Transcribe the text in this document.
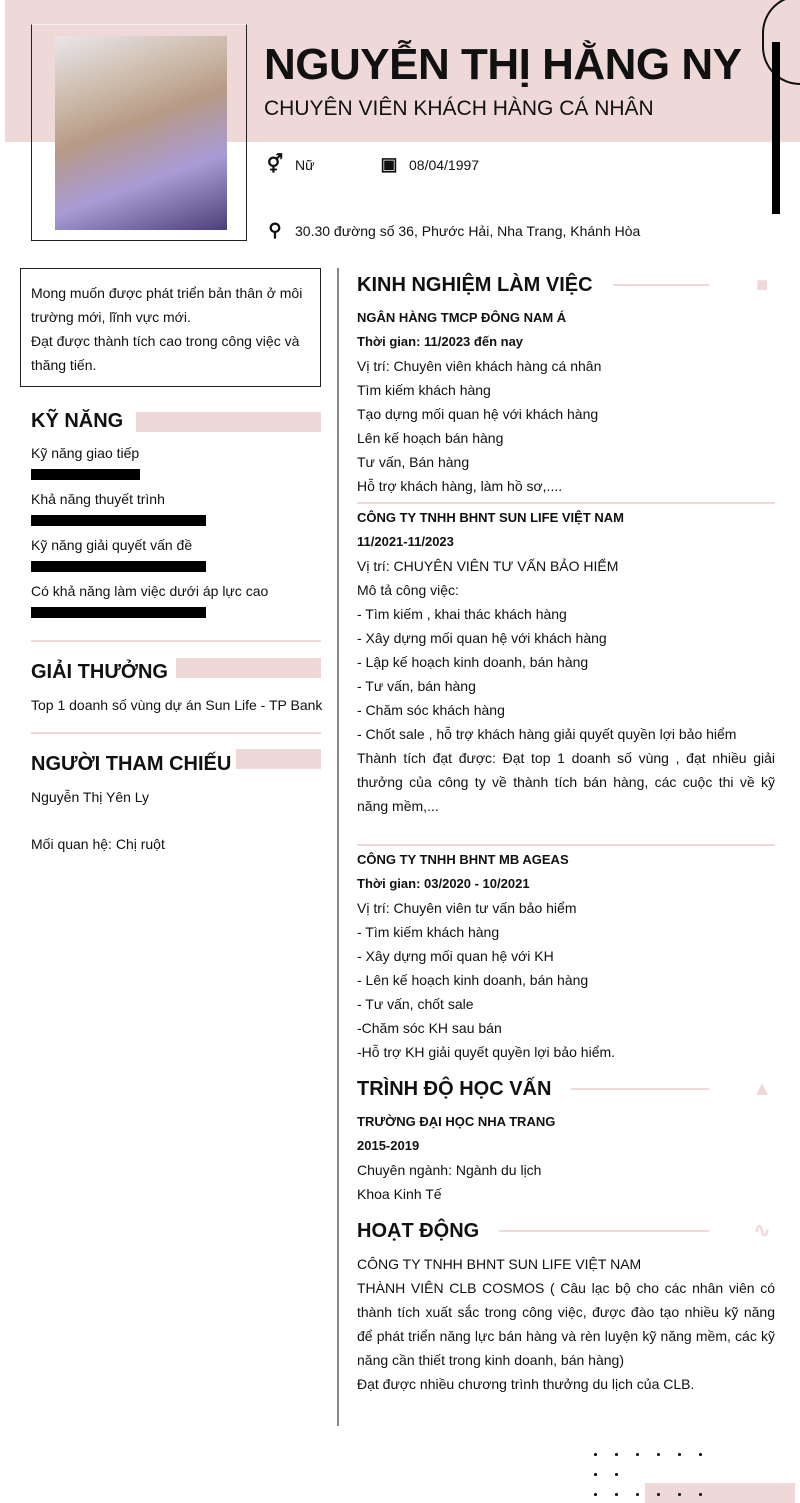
NGUYỄN THỊ HẰNG NY
CHUYÊN VIÊN KHÁCH HÀNG CÁ NHÂN
⚥ Nữ	▣ 08/04/1997
⚲ 30.30 đường số 36, Phước Hải, Nha Trang, Khánh Hòa
Mong muốn được phát triển bản thân ở môi trường mới, lĩnh vực mới.
Đạt được thành tích cao trong công việc và thăng tiến.
KỸ NĂNG
Kỹ năng giao tiếp
Khả năng thuyết trình
Kỹ năng giải quyết vấn đề
Có khả năng làm việc dưới áp lực cao
GIẢI THƯỞNG
Top 1 doanh số vùng dự án Sun Life - TP Bank
NGƯỜI THAM CHIẾU
Nguyễn Thị Yên Ly
Mối quan hệ: Chị ruột
KINH NGHIỆM LÀM VIỆC	■
NGÂN HÀNG TMCP ĐÔNG NAM Á
Thời gian: 11/2023 đến nay
Vị trí: Chuyên viên khách hàng cá nhân
Tìm kiếm khách hàng
Tạo dựng mối quan hệ với khách hàng
Lên kế hoạch bán hàng
Tư vấn, Bán hàng
Hỗ trợ khách hàng, làm hồ sơ,....
CÔNG TY TNHH BHNT SUN LIFE VIỆT NAM
11/2021-11/2023
Vị trí: CHUYÊN VIÊN TƯ VẤN BẢO HIỂM
Mô tả công việc:
- Tìm kiếm , khai thác khách hàng
- Xây dựng mối quan hệ với khách hàng
- Lập kế hoạch kinh doanh, bán hàng
- Tư vấn, bán hàng
- Chăm sóc khách hàng
- Chốt sale , hỗ trợ khách hàng giải quyết quyền lợi bảo hiểm
Thành tích đạt được: Đạt top 1 doanh số vùng , đạt nhiều giải thưởng của công ty về thành tích bán hàng, các cuộc thi về kỹ năng mềm,...
CÔNG TY TNHH BHNT MB AGEAS
Thời gian: 03/2020 - 10/2021
Vị trí: Chuyên viên tư vấn bảo hiểm
- Tìm kiếm khách hàng
- Xây dựng mối quan hệ với KH
- Lên kế hoạch kinh doanh, bán hàng
- Tư vấn, chốt sale
-Chăm sóc KH sau bán
-Hỗ trợ KH giải quyết quyền lợi bảo hiểm.
TRÌNH ĐỘ HỌC VẤN	▲
TRƯỜNG ĐẠI HỌC NHA TRANG
2015-2019
Chuyên ngành: Ngành du lịch
Khoa Kinh Tế
HOẠT ĐỘNG	∿
CÔNG TY TNHH BHNT SUN LIFE VIỆT NAM
THÀNH VIÊN CLB COSMOS ( Câu lạc bộ cho các nhân viên có thành tích xuất sắc trong công việc, được đào tạo nhiều kỹ năng để phát triển năng lực bán hàng và rèn luyện kỹ năng mềm, các kỹ năng cần thiết trong kinh doanh, bán hàng)
Đạt được nhiều chương trình thưởng du lịch của CLB.
